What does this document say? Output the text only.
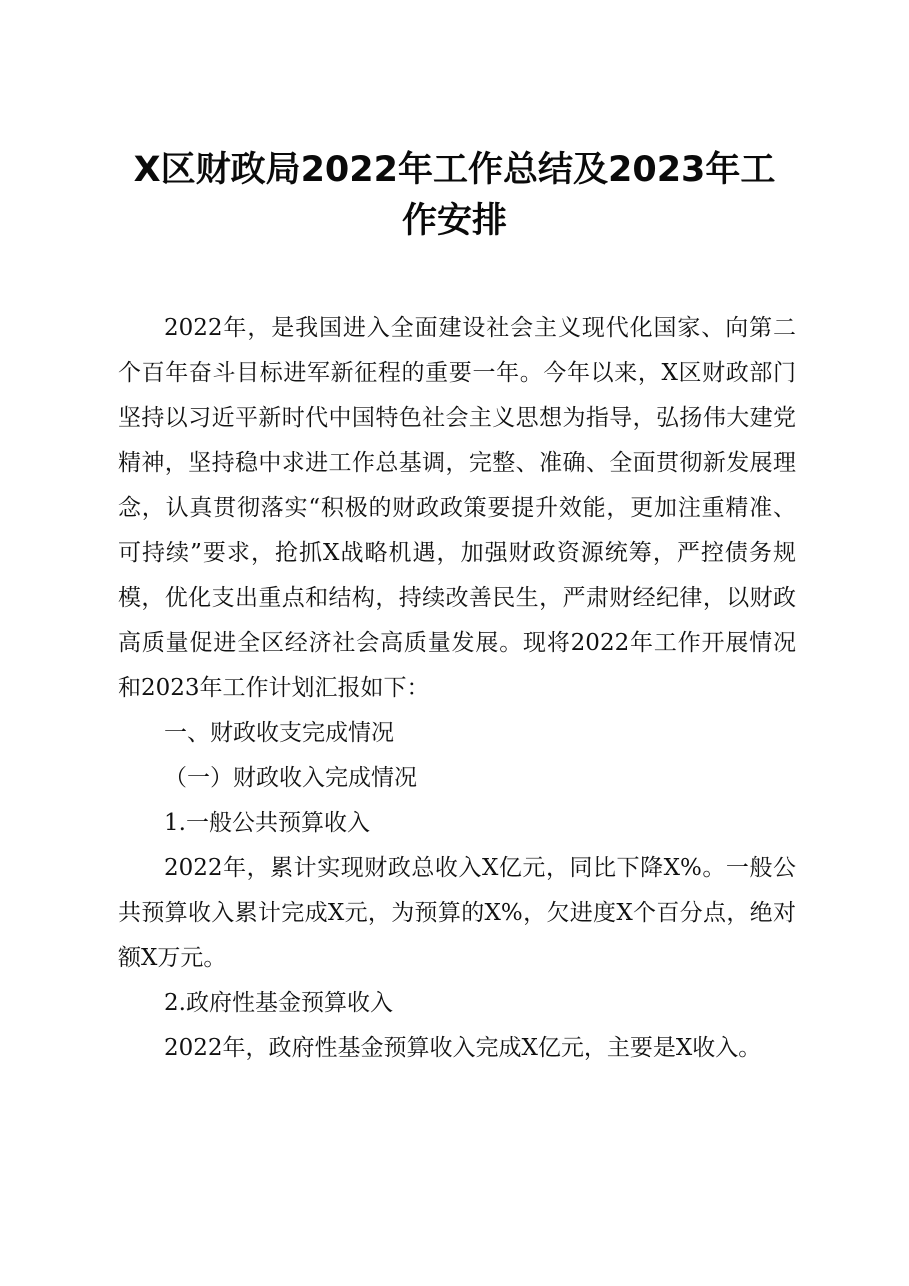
X区财政局2022年工作总结及2023年工作安排

2022年，是我国进入全面建设社会主义现代化国家、向第二个百年奋斗目标进军新征程的重要一年。今年以来，X区财政部门坚持以习近平新时代中国特色社会主义思想为指导，弘扬伟大建党精神，坚持稳中求进工作总基调，完整、准确、全面贯彻新发展理念，认真贯彻落实“积极的财政政策要提升效能，更加注重精准、可持续”要求，抢抓X战略机遇，加强财政资源统筹，严控债务规模，优化支出重点和结构，持续改善民生，严肃财经纪律，以财政高质量促进全区经济社会高质量发展。现将2022年工作开展情况和2023年工作计划汇报如下：

一、财政收支完成情况

（一）财政收入完成情况

1.一般公共预算收入

2022年，累计实现财政总收入X亿元，同比下降X%。一般公共预算收入累计完成X元，为预算的X%，欠进度X个百分点，绝对额X万元。

2.政府性基金预算收入

2022年，政府性基金预算收入完成X亿元，主要是X收入。
